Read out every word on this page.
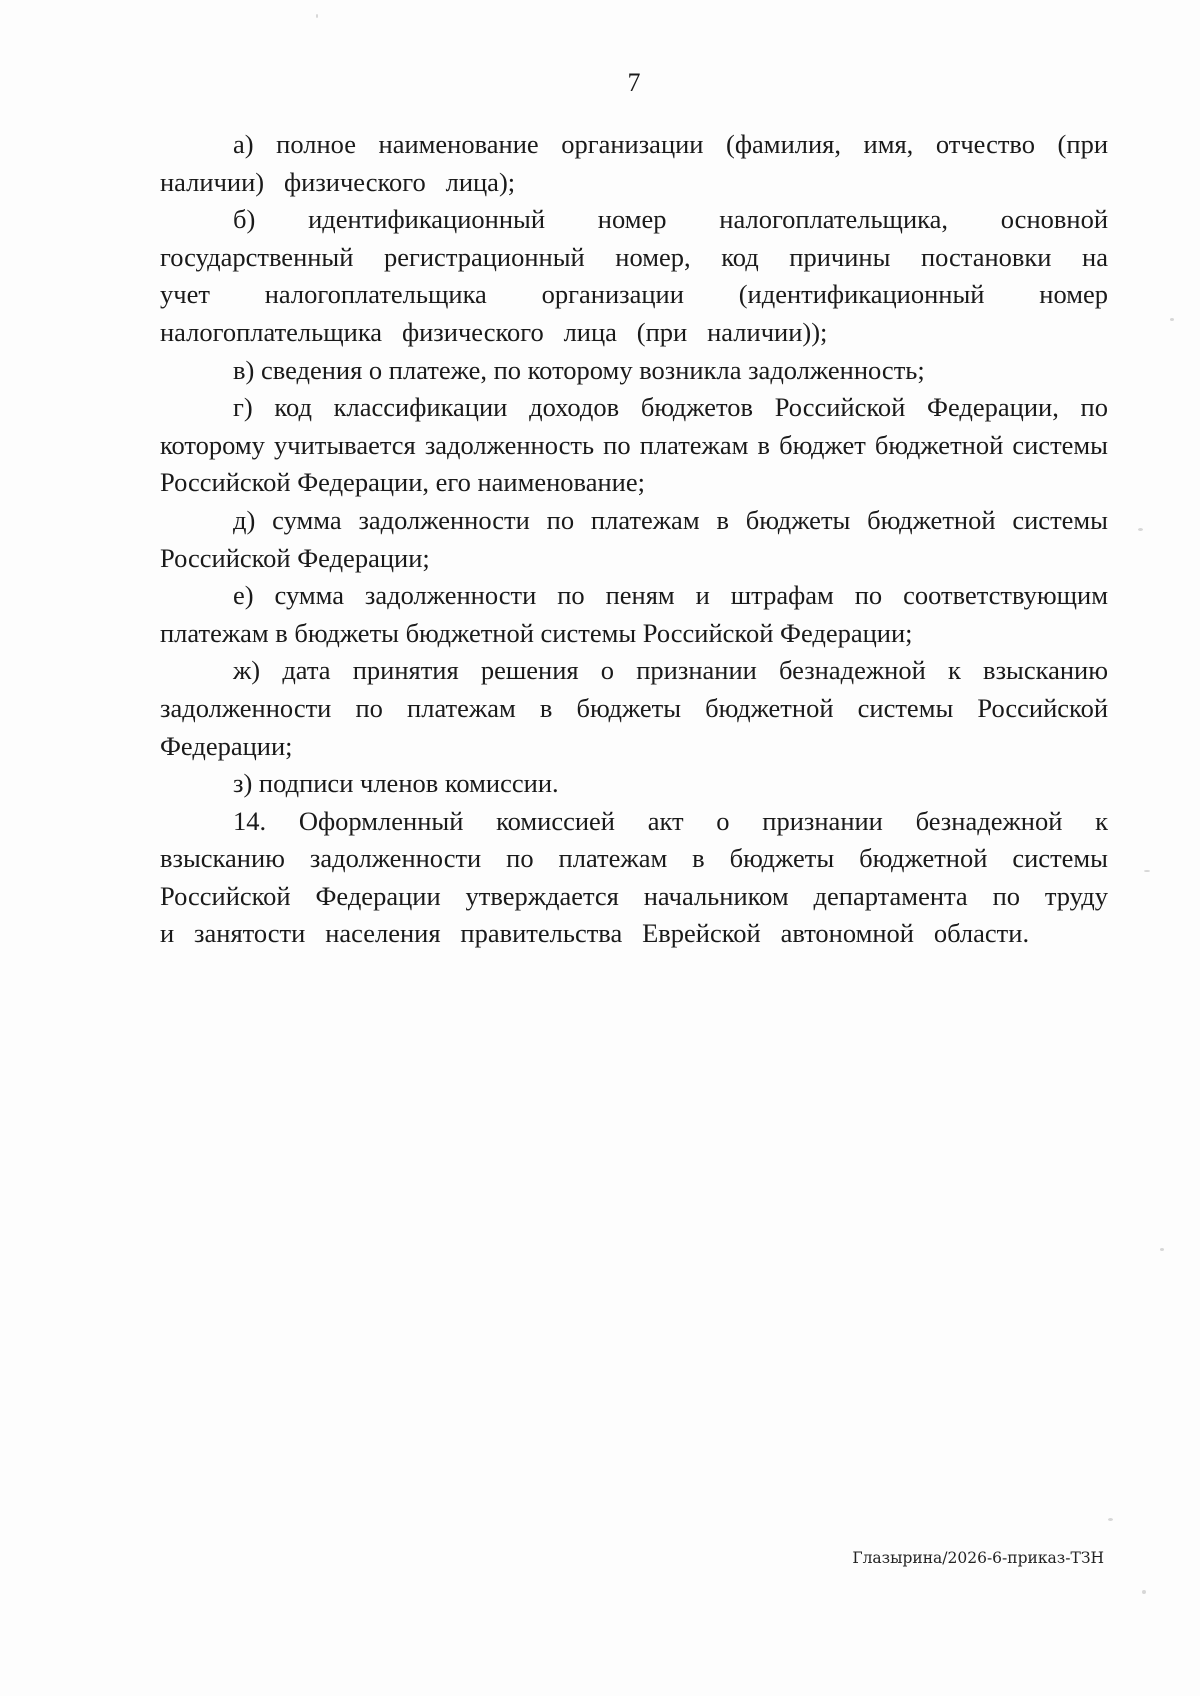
7

а) полное наименование организации (фамилия, имя, отчество (при наличии) физического лица);

б) идентификационный номер налогоплательщика, основной государственный регистрационный номер, код причины постановки на учет налогоплательщика организации (идентификационный номер налогоплательщика физического лица (при наличии));

в) сведения о платеже, по которому возникла задолженность;

г) код классификации доходов бюджетов Российской Федерации, по которому учитывается задолженность по платежам в бюджет бюджетной системы Российской Федерации, его наименование;

д) сумма задолженности по платежам в бюджеты бюджетной системы Российской Федерации;

е) сумма задолженности по пеням и штрафам по соответствующим платежам в бюджеты бюджетной системы Российской Федерации;

ж) дата принятия решения о признании безнадежной к взысканию задолженности по платежам в бюджеты бюджетной системы Российской Федерации;

з) подписи членов комиссии.

14. Оформленный комиссией акт о признании безнадежной к взысканию задолженности по платежам в бюджеты бюджетной системы Российской Федерации утверждается начальником департамента по труду и занятости населения правительства Еврейской автономной области.

Глазырина/2026-6-приказ-ТЗН
